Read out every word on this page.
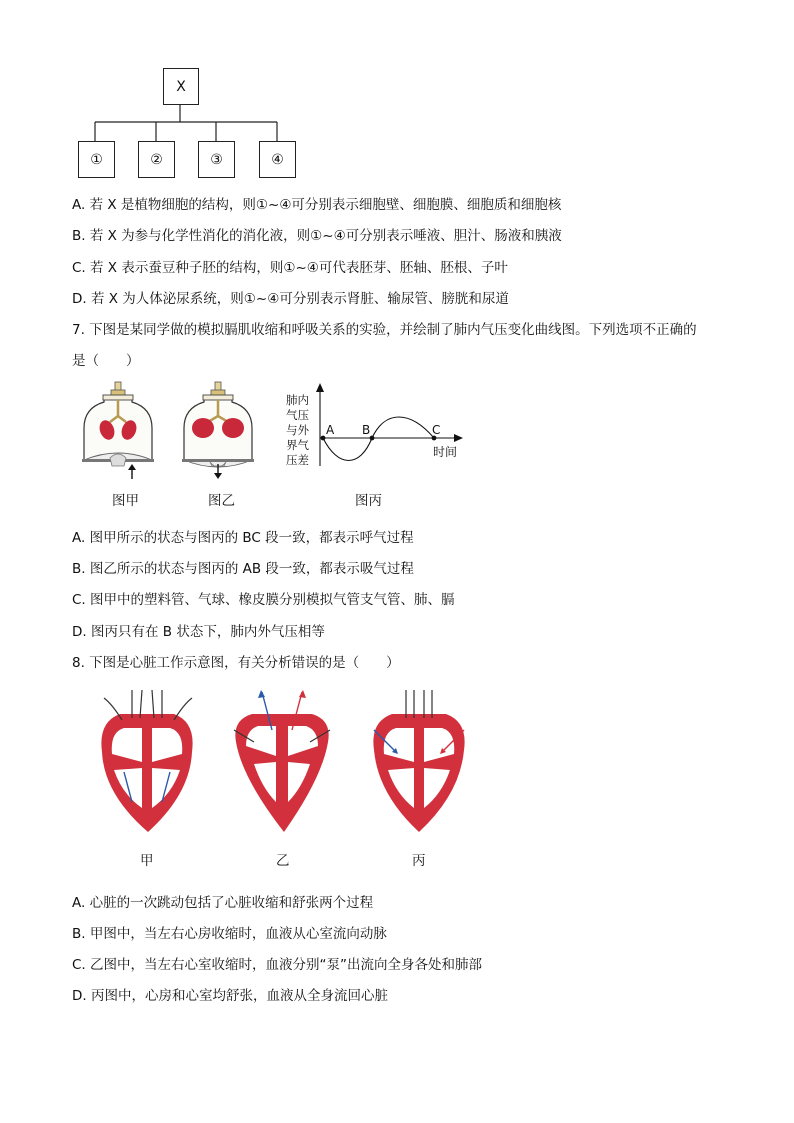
X
①	②	③	④
A. 若 X 是植物细胞的结构，则①~④可分别表示细胞壁、细胞膜、细胞质和细胞核
B. 若 X 为参与化学性消化的消化液，则①~④可分别表示唾液、胆汁、肠液和胰液
C. 若 X 表示蚕豆种子胚的结构，则①~④可代表胚芽、胚轴、胚根、子叶
D. 若 X 为人体泌尿系统，则①~④可分别表示肾脏、输尿管、膀胱和尿道
7. 下图是某同学做的模拟膈肌收缩和呼吸关系的实验，并绘制了肺内气压变化曲线图。下列选项不正确的
是（　　）
肺内
气压
与外
界气
压差
A B	C
时间
图甲	图乙	图丙
A. 图甲所示的状态与图丙的 BC 段一致，都表示呼气过程
B. 图乙所示的状态与图丙的 AB 段一致，都表示吸气过程
C. 图甲中的塑料管、气球、橡皮膜分别模拟气管支气管、肺、膈
D. 图丙只有在 B 状态下，肺内外气压相等
8. 下图是心脏工作示意图，有关分析错误的是（　　）
甲	乙	丙
A. 心脏的一次跳动包括了心脏收缩和舒张两个过程
B. 甲图中，当左右心房收缩时，血液从心室流向动脉
C. 乙图中，当左右心室收缩时，血液分别“泵”出流向全身各处和肺部
D. 丙图中，心房和心室均舒张，血液从全身流回心脏
